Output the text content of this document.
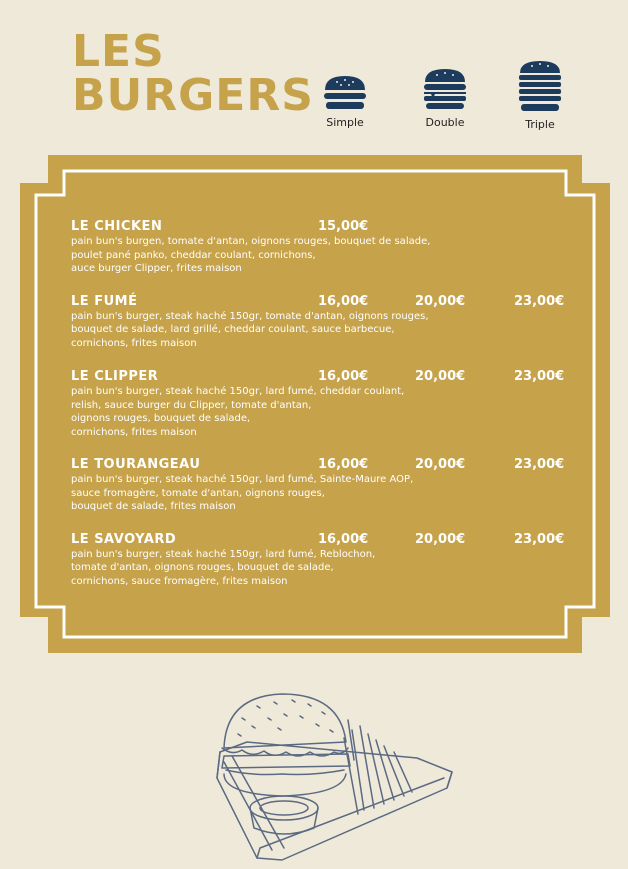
LES
BURGERS
Simple	Double	Triple
LE CHICKEN	15,00€
pain bun's burgen, tomate d'antan, oignons rouges, bouquet de salade,
poulet pané panko, cheddar coulant, cornichons,
auce burger Clipper, frites maison
LE FUMÉ	16,00€	20,00€	23,00€
pain bun's burger, steak haché 150gr, tomate d'antan, oignons rouges,
bouquet de salade, lard grillé, cheddar coulant, sauce barbecue,
cornichons, frites maison
LE CLIPPER	16,00€	20,00€	23,00€
pain bun's burger, steak haché 150gr, lard fumé, cheddar coulant,
relish, sauce burger du Clipper, tomate d'antan,
oignons rouges, bouquet de salade,
cornichons, frites maison
LE TOURANGEAU	16,00€	20,00€	23,00€
pain bun's burger, steak haché 150gr, lard fumé, Sainte-Maure AOP,
sauce fromagère, tomate d'antan, oignons rouges,
bouquet de salade, frites maison
LE SAVOYARD	16,00€	20,00€	23,00€
pain bun's burger, steak haché 150gr, lard fumé, Reblochon,
tomate d'antan, oignons rouges, bouquet de salade,
cornichons, sauce fromagère, frites maison
